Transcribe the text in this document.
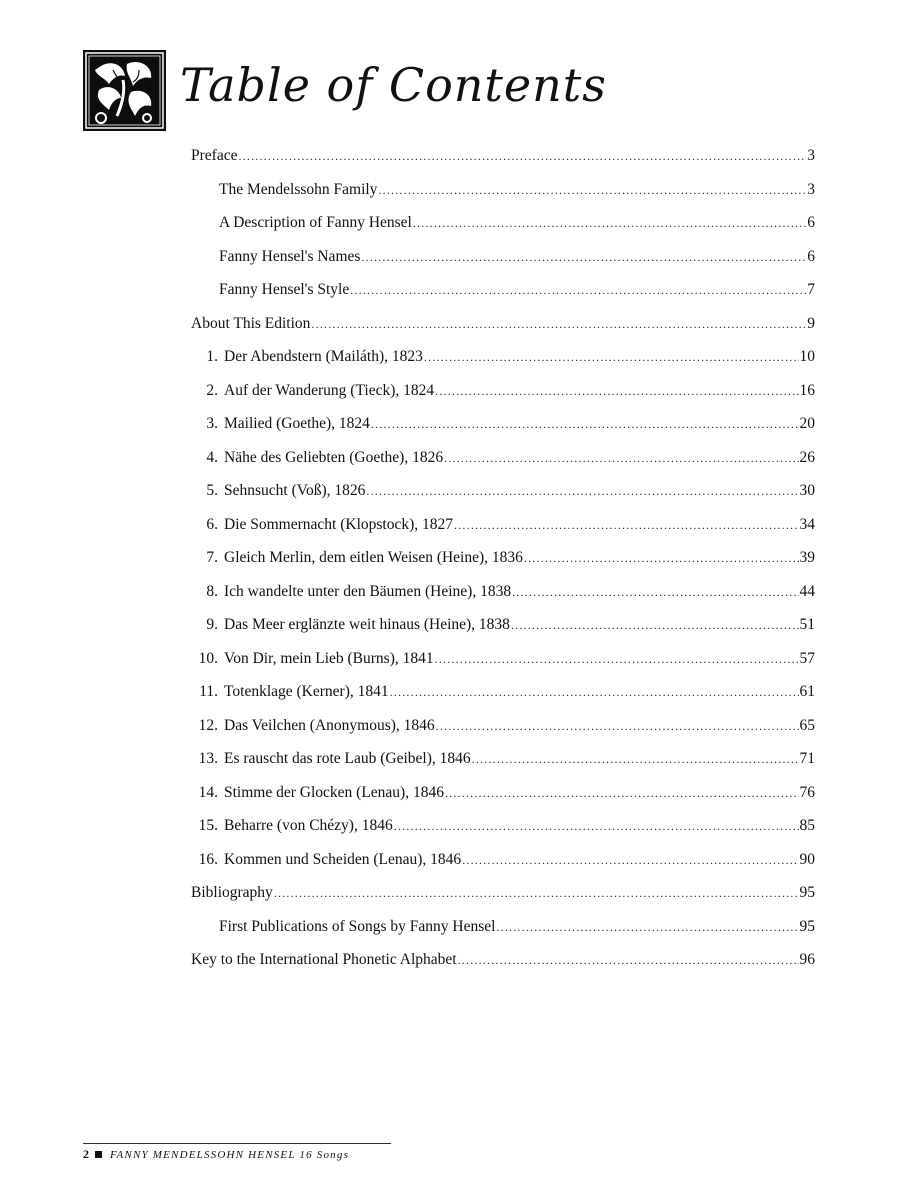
Table of Contents
Preface .....	3
The Mendelssohn Family .....	3
A Description of Fanny Hensel .....	6
Fanny Hensel's Names .....	6
Fanny Hensel's Style .....	7
About This Edition .....	9
1. Der Abendstern (Mailáth), 1823 .....	10
2. Auf der Wanderung (Tieck), 1824 .....	16
3. Mailied (Goethe), 1824 .....	20
4. Nähe des Geliebten (Goethe), 1826 .....	26
5. Sehnsucht (Voß), 1826 .....	30
6. Die Sommernacht (Klopstock), 1827 .....	34
7. Gleich Merlin, dem eitlen Weisen (Heine), 1836 .....	39
8. Ich wandelte unter den Bäumen (Heine), 1838 .....	44
9. Das Meer erglänzte weit hinaus (Heine), 1838 .....	51
10. Von Dir, mein Lieb (Burns), 1841 .....	57
11. Totenklage (Kerner), 1841 .....	61
12. Das Veilchen (Anonymous), 1846 .....	65
13. Es rauscht das rote Laub (Geibel), 1846 .....	71
14. Stimme der Glocken (Lenau), 1846 .....	76
15. Beharre (von Chézy), 1846 .....	85
16. Kommen und Scheiden (Lenau), 1846 .....	90
Bibliography .....	95
First Publications of Songs by Fanny Hensel .....	95
Key to the International Phonetic Alphabet .....	96
2 FANNY MENDELSSOHN HENSEL 16 Songs
